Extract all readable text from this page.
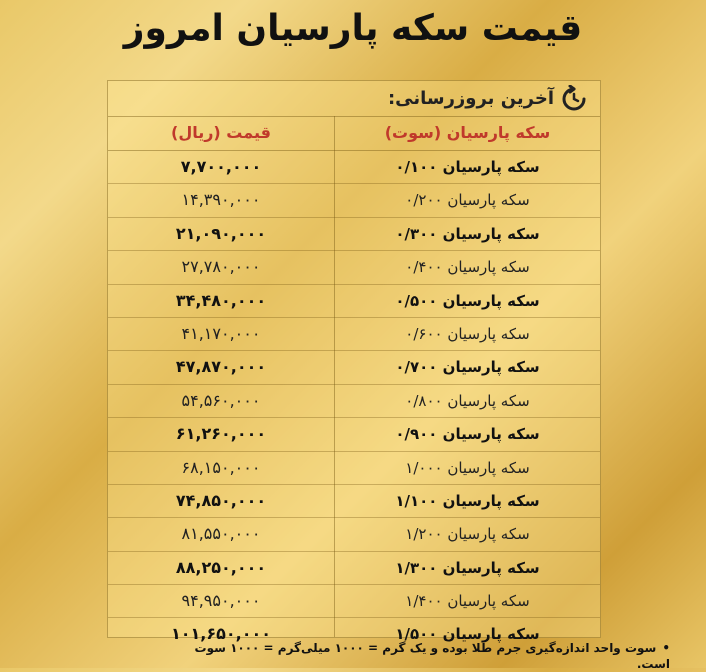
قیمت سکه پارسیان امروز
آخرین بروزرسانی:
سکه پارسیان (سوت)
قیمت (ریال)
سکه پارسیان ۰/۱۰۰
۷,۷۰۰,۰۰۰
سکه پارسیان ۰/۲۰۰
۱۴,۳۹۰,۰۰۰
سکه پارسیان ۰/۳۰۰
۲۱,۰۹۰,۰۰۰
سکه پارسیان ۰/۴۰۰
۲۷,۷۸۰,۰۰۰
سکه پارسیان ۰/۵۰۰
۳۴,۴۸۰,۰۰۰
سکه پارسیان ۰/۶۰۰
۴۱,۱۷۰,۰۰۰
سکه پارسیان ۰/۷۰۰
۴۷,۸۷۰,۰۰۰
سکه پارسیان ۰/۸۰۰
۵۴,۵۶۰,۰۰۰
سکه پارسیان ۰/۹۰۰
۶۱,۲۶۰,۰۰۰
سکه پارسیان ۱/۰۰۰
۶۸,۱۵۰,۰۰۰
سکه پارسیان ۱/۱۰۰
۷۴,۸۵۰,۰۰۰
سکه پارسیان ۱/۲۰۰
۸۱,۵۵۰,۰۰۰
سکه پارسیان ۱/۳۰۰
۸۸,۲۵۰,۰۰۰
سکه پارسیان ۱/۴۰۰
۹۴,۹۵۰,۰۰۰
سکه پارسیان ۱/۵۰۰
۱۰۱,۶۵۰,۰۰۰
•سوت واحد اندازه‌گیری جرم طلا بوده و یک گرم = ۱۰۰۰ میلی‌گرم = ۱۰۰۰ سوت است.
